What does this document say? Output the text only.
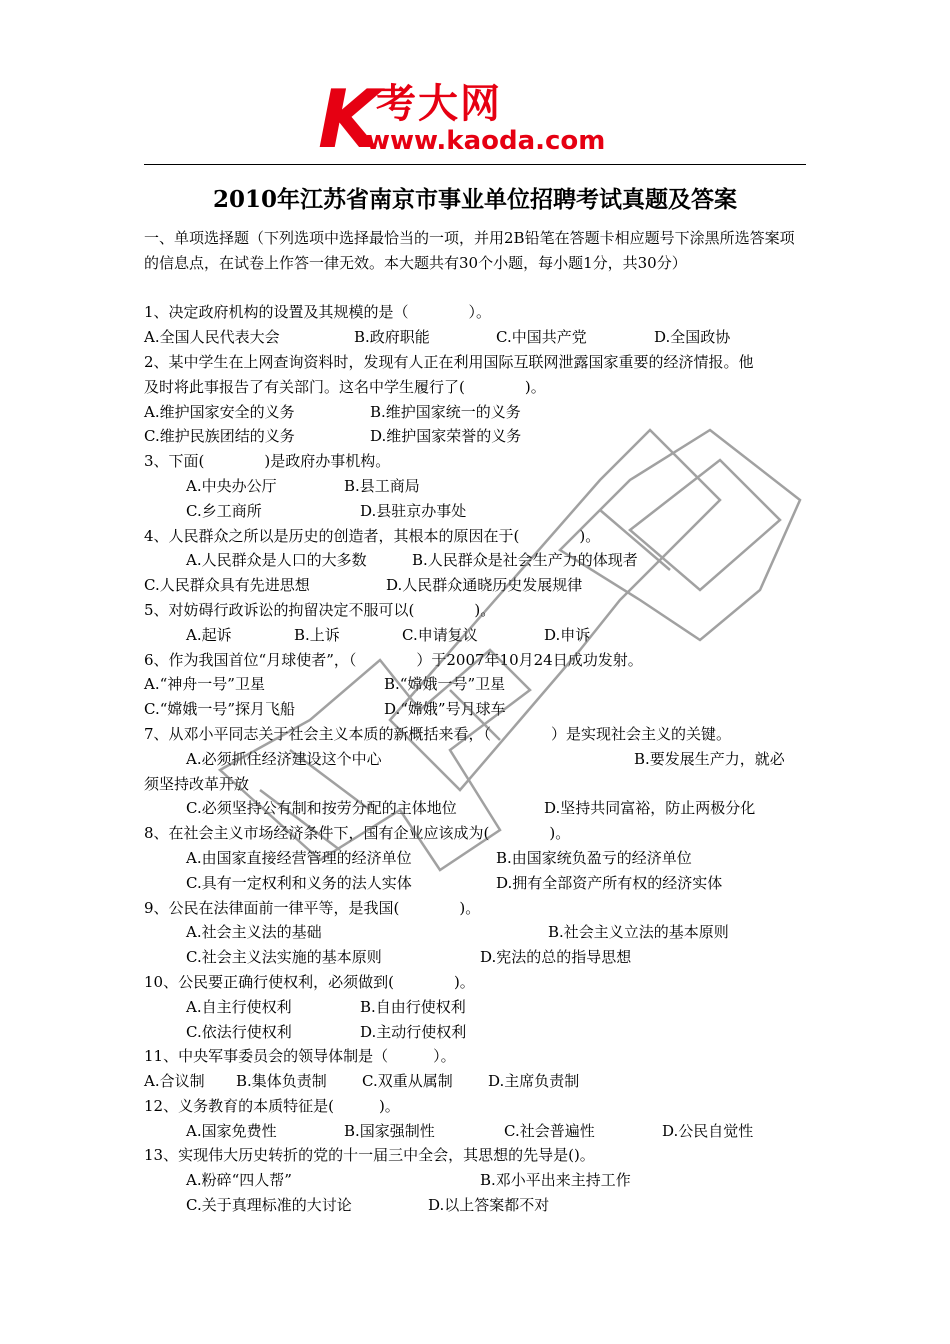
K
考大网
www.kaoda.com
2010年江苏省南京市事业单位招聘考试真题及答案
一、单项选择题（下列选项中选择最恰当的一项，并用2B铅笔在答题卡相应题号下涂黑所选答案项的信息点，在试卷上作答一律无效。本大题共有30个小题，每小题1分，共30分）
1、决定政府机构的设置及其规模的是（　　　　）。
A.全国人民代表大会	B.政府职能	C.中国共产党	D.全国政协
2、某中学生在上网查询资料时，发现有人正在利用国际互联网泄露国家重要的经济情报。他
及时将此事报告了有关部门。这名中学生履行了(　　　　)。
A.维护国家安全的义务	B.维护国家统一的义务
C.维护民族团结的义务	D.维护国家荣誉的义务
3、下面(　　　　)是政府办事机构。
A.中央办公厅	B.县工商局
C.乡工商所	D.县驻京办事处
4、人民群众之所以是历史的创造者，其根本的原因在于(　　　　)。
A.人民群众是人口的大多数	B.人民群众是社会生产力的体现者
C.人民群众具有先进思想	D.人民群众通晓历史发展规律
5、对妨碍行政诉讼的拘留决定不服可以(　　　　)。
A.起诉	B.上诉	C.申请复议	D.申诉
6、作为我国首位“月球使者”，（　　　　）于2007年10月24日成功发射。
A.“神舟一号”卫星	B.“嫦娥一号”卫星
C.“嫦娥一号”探月飞船	D.“嫦娥”号月球车
7、从邓小平同志关于社会主义本质的新概括来看，（　　　　）是实现社会主义的关键。
A.必须抓住经济建设这个中心	B.要发展生产力，就必
须坚持改革开放
C.必须坚持公有制和按劳分配的主体地位	D.坚持共同富裕，防止两极分化
8、在社会主义市场经济条件下，国有企业应该成为(　　　　)。
A.由国家直接经营管理的经济单位	B.由国家统负盈亏的经济单位
C.具有一定权利和义务的法人实体	D.拥有全部资产所有权的经济实体
9、公民在法律面前一律平等，是我国(　　　　)。
A.社会主义法的基础	B.社会主义立法的基本原则
C.社会主义法实施的基本原则	D.宪法的总的指导思想
10、公民要正确行使权利，必须做到(　　　　)。
A.自主行使权利	B.自由行使权利
C.依法行使权利	D.主动行使权利
11、中央军事委员会的领导体制是（　　　）。
A.合议制 B.集体负责制 C.双重从属制 D.主席负责制
12、义务教育的本质特征是(　　　)。
A.国家免费性	B.国家强制性	C.社会普遍性	D.公民自觉性
13、实现伟大历史转折的党的十一届三中全会，其思想的先导是()。
A.粉碎“四人帮”	B.邓小平出来主持工作
C.关于真理标准的大讨论	D.以上答案都不对
